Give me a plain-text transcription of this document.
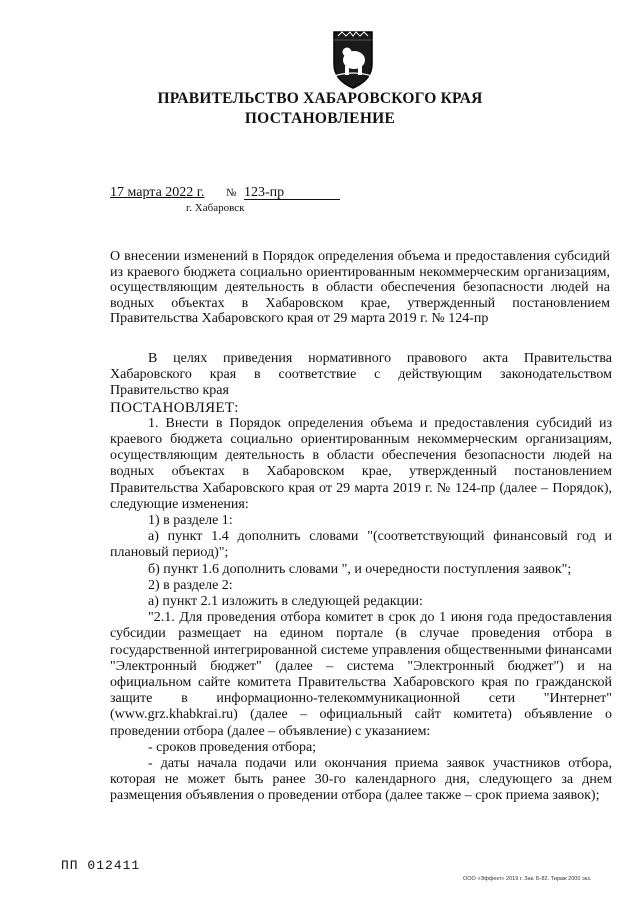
ПРАВИТЕЛЬСТВО ХАБАРОВСКОГО КРАЯ
ПОСТАНОВЛЕНИЕ
17 марта 2022 г. № 123-пр
г. Хабаровск

О внесении изменений в Порядок определения объема и предоставления субсидий из краевого бюджета социально ориентированным некоммерческим организациям, осуществляющим деятельность в области обеспечения безопасности людей на водных объектах в Хабаровском крае, утвержденный постановлением Правительства Хабаровского края от 29 марта 2019 г. № 124-пр

В целях приведения нормативного правового акта Правительства Хабаровского края в соответствие с действующим законодательством Правительство края

ПОСТАНОВЛЯЕТ:

1. Внести в Порядок определения объема и предоставления субсидий из краевого бюджета социально ориентированным некоммерческим организациям, осуществляющим деятельность в области обеспечения безопасности людей на водных объектах в Хабаровском крае, утвержденный постановлением Правительства Хабаровского края от 29 марта 2019 г. № 124-пр (далее – Порядок), следующие изменения:

1) в разделе 1:

а) пункт 1.4 дополнить словами "(соответствующий финансовый год и плановый период)";

б) пункт 1.6 дополнить словами ", и очередности поступления заявок";

2) в разделе 2:

а) пункт 2.1 изложить в следующей редакции:

"2.1. Для проведения отбора комитет в срок до 1 июня года предоставления субсидии размещает на едином портале (в случае проведения отбора в государственной интегрированной системе управления общественными финансами "Электронный бюджет" (далее – система "Электронный бюджет") и на официальном сайте комитета Правительства Хабаровского края по гражданской защите в информационно-телекоммуникационной сети "Интернет" (www.grz.khabkrai.ru) (далее – официальный сайт комитета) объявление о проведении отбора (далее – объявление) с указанием:

- сроков проведения отбора;

- даты начала подачи или окончания приема заявок участников отбора, которая не может быть ранее 30-го календарного дня, следующего за днем размещения объявления о проведении отбора (далее также – срок приема заявок);

ПП 012411
ООО «Эффект» 2019 г. Зак. Б-82. Тираж 2000 экз.
